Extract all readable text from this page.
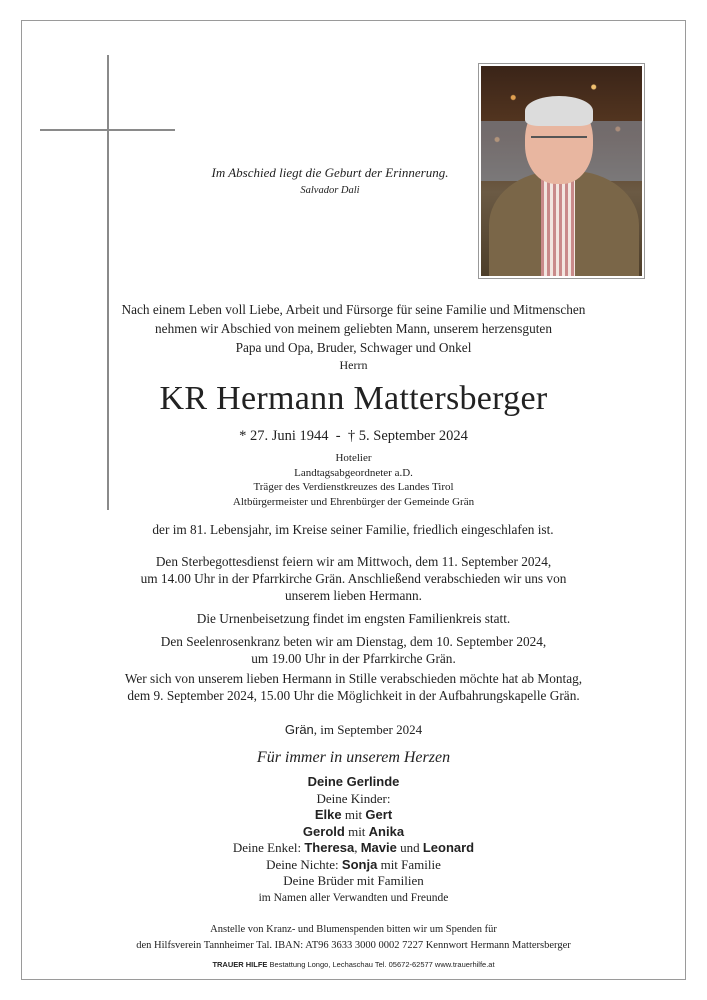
Im Abschied liegt die Geburt der Erinnerung.
Salvador Dali
Nach einem Leben voll Liebe, Arbeit und Fürsorge für seine Familie und Mitmenschen
nehmen wir Abschied von meinem geliebten Mann, unserem herzensguten
Papa und Opa, Bruder, Schwager und Onkel
Herrn
KR Hermann Mattersberger
* 27. Juni 1944 - † 5. September 2024
Hotelier
Landtagsabgeordneter a.D.
Träger des Verdienstkreuzes des Landes Tirol
Altbürgermeister und Ehrenbürger der Gemeinde Grän
der im 81. Lebensjahr, im Kreise seiner Familie, friedlich eingeschlafen ist.
Den Sterbegottesdienst feiern wir am Mittwoch, dem 11. September 2024,
um 14.00 Uhr in der Pfarrkirche Grän. Anschließend verabschieden wir uns von
unserem lieben Hermann.
Die Urnenbeisetzung findet im engsten Familienkreis statt.
Den Seelenrosenkranz beten wir am Dienstag, dem 10. September 2024,
um 19.00 Uhr in der Pfarrkirche Grän.
Wer sich von unserem lieben Hermann in Stille verabschieden möchte hat ab Montag,
dem 9. September 2024, 15.00 Uhr die Möglichkeit in der Aufbahrungskapelle Grän.
Grän, im September 2024
Für immer in unserem Herzen
Deine Gerlinde
Deine Kinder:
Elke mit Gert
Gerold mit Anika
Deine Enkel: Theresa, Mavie und Leonard
Deine Nichte: Sonja mit Familie
Deine Brüder mit Familien
im Namen aller Verwandten und Freunde
Anstelle von Kranz- und Blumenspenden bitten wir um Spenden für
den Hilfsverein Tannheimer Tal. IBAN: AT96 3633 3000 0002 7227 Kennwort Hermann Mattersberger
TRAUER HILFE Bestattung Longo, Lechaschau Tel. 05672-62577 www.trauerhilfe.at
